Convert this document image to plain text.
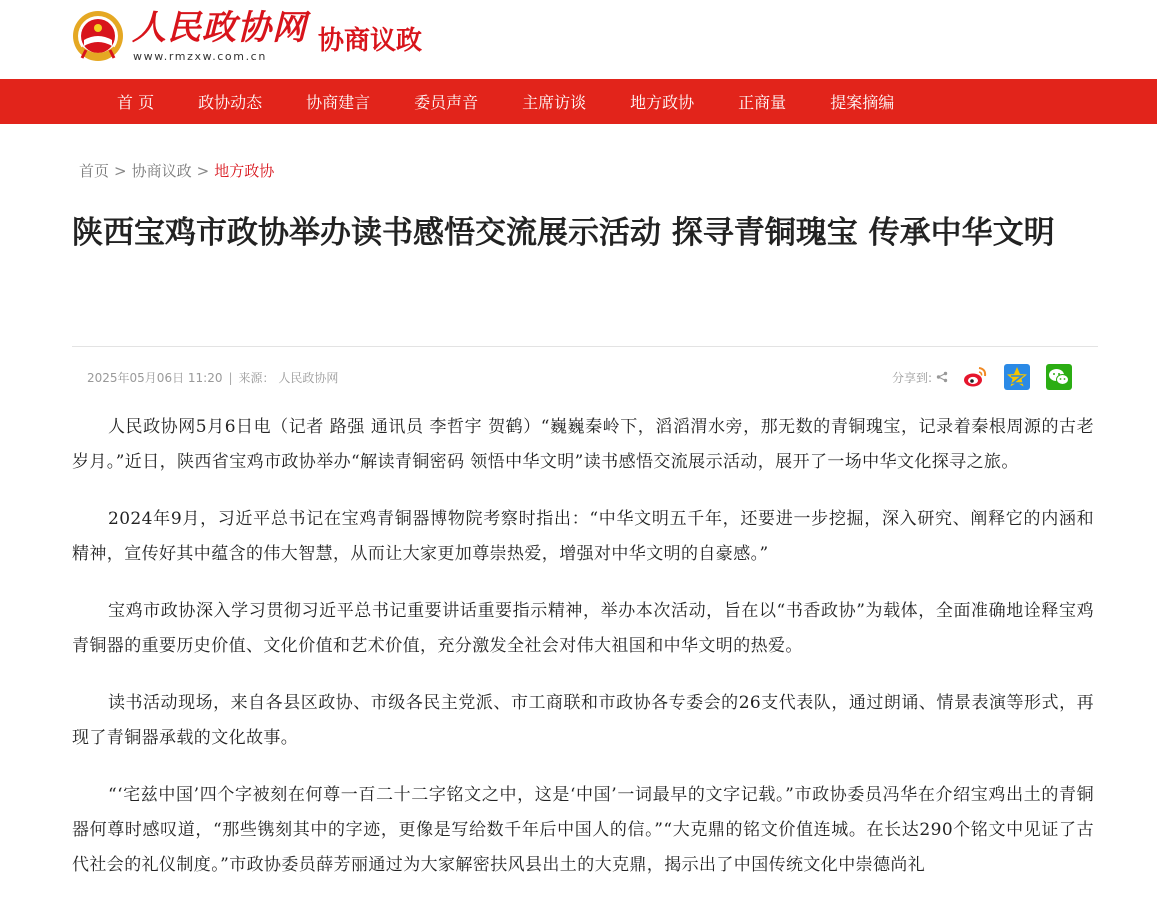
人民政协网
www.rmzxw.com.cn
协商议政
首 页	政协动态	协商建言	委员声音	主席访谈	地方政协	正商量	提案摘编
首页 > 协商议政 > 地方政协
陕西宝鸡市政协举办读书感悟交流展示活动 探寻青铜瑰宝 传承中华文明
2025年05月06日 11:20 | 来源： 人民政协网	分享到:

人民政协网5月6日电（记者 路强 通讯员 李哲宇 贺鹤）“巍巍秦岭下，滔滔渭水旁，那无数的青铜瑰宝，记录着秦根周源的古老岁月。”近日，陕西省宝鸡市政协举办“解读青铜密码 领悟中华文明”读书感悟交流展示活动，展开了一场中华文化探寻之旅。

2024年9月，习近平总书记在宝鸡青铜器博物院考察时指出：“中华文明五千年，还要进一步挖掘，深入研究、阐释它的内涵和精神，宣传好其中蕴含的伟大智慧，从而让大家更加尊崇热爱，增强对中华文明的自豪感。”

宝鸡市政协深入学习贯彻习近平总书记重要讲话重要指示精神，举办本次活动，旨在以“书香政协”为载体，全面准确地诠释宝鸡青铜器的重要历史价值、文化价值和艺术价值，充分激发全社会对伟大祖国和中华文明的热爱。

读书活动现场，来自各县区政协、市级各民主党派、市工商联和市政协各专委会的26支代表队，通过朗诵、情景表演等形式，再现了青铜器承载的文化故事。

“‘宅兹中国’四个字被刻在何尊一百二十二字铭文之中，这是‘中国’一词最早的文字记载。”市政协委员冯华在介绍宝鸡出土的青铜器何尊时感叹道，“那些镌刻其中的字迹，更像是写给数千年后中国人的信。”“大克鼎的铭文价值连城。在长达290个铭文中见证了古代社会的礼仪制度。”市政协委员薛芳丽通过为大家解密扶风县出土的大克鼎，揭示出了中国传统文化中崇德尚礼
